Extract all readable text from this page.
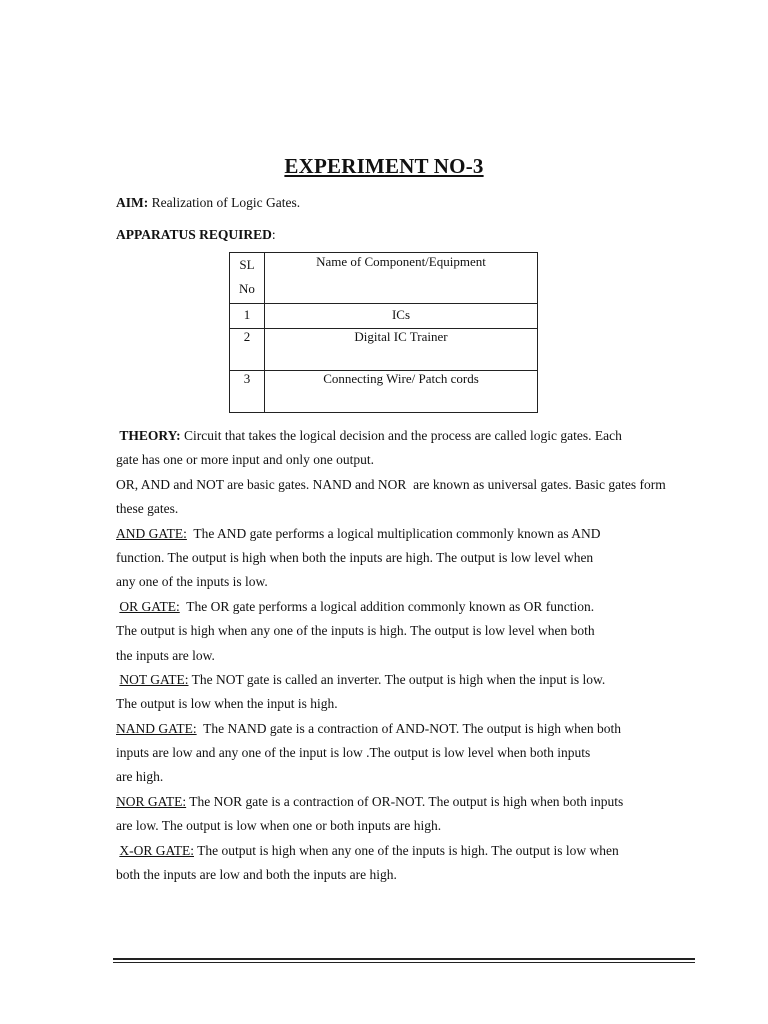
EXPERIMENT NO-3
AIM: Realization of Logic Gates.
APPARATUS REQUIRED:
SL
No	Name of Component/Equipment
1	ICs
2	Digital IC Trainer
3	Connecting Wire/ Patch cords
THEORY: Circuit that takes the logical decision and the process are called logic gates. Each
gate has one or more input and only one output.
OR, AND and NOT are basic gates. NAND and NOR  are known as universal gates. Basic gates form
these gates.
AND GATE:  The AND gate performs a logical multiplication commonly known as AND
function. The output is high when both the inputs are high. The output is low level when
any one of the inputs is low.
OR GATE:  The OR gate performs a logical addition commonly known as OR function.
The output is high when any one of the inputs is high. The output is low level when both
the inputs are low.
NOT GATE: The NOT gate is called an inverter. The output is high when the input is low.
The output is low when the input is high.
NAND GATE:  The NAND gate is a contraction of AND-NOT. The output is high when both
inputs are low and any one of the input is low .The output is low level when both inputs
are high.
NOR GATE: The NOR gate is a contraction of OR-NOT. The output is high when both inputs
are low. The output is low when one or both inputs are high.
X-OR GATE: The output is high when any one of the inputs is high. The output is low when
both the inputs are low and both the inputs are high.
